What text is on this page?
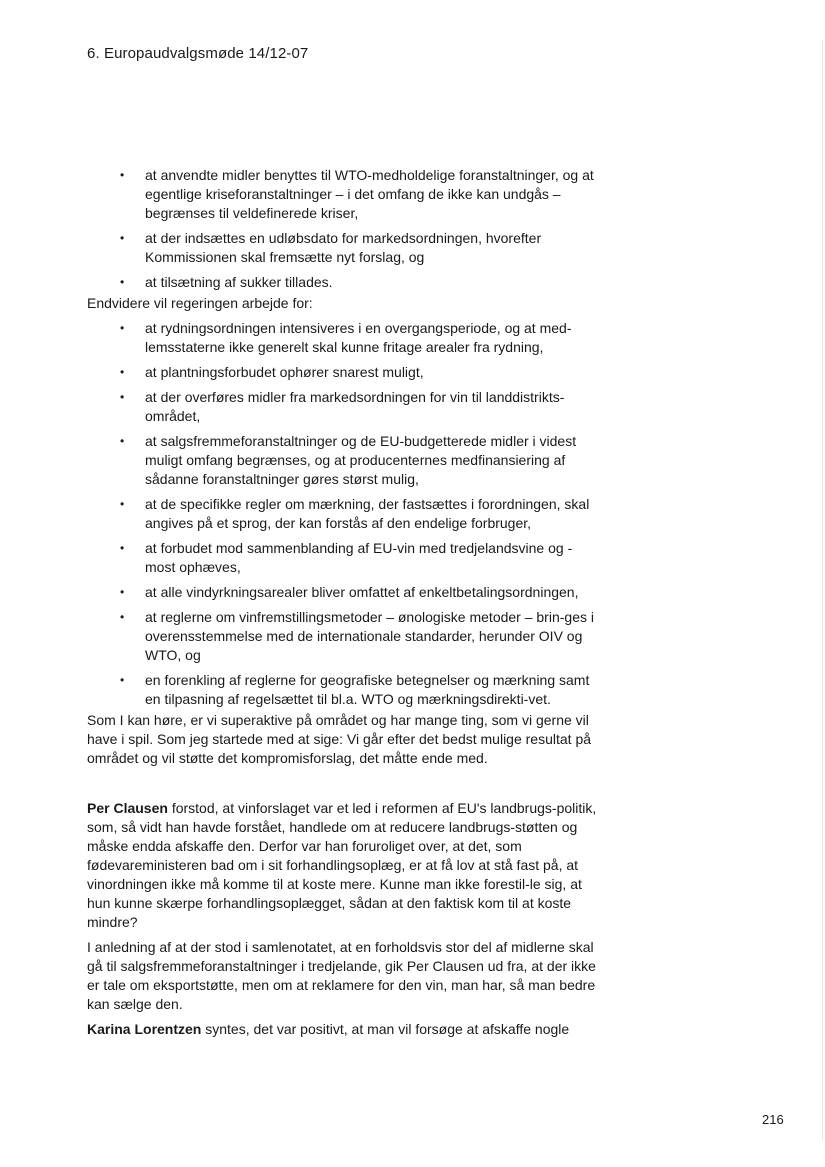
6. Europaudvalgsmøde 14/12-07
• at anvendte midler benyttes til WTO-medholdelige foranstaltninger, og at egentlige kriseforanstaltninger – i det omfang de ikke kan undgås – begrænses til veldefinerede kriser,
• at der indsættes en udløbsdato for markedsordningen, hvorefter Kommissionen skal fremsætte nyt forslag, og
• at tilsætning af sukker tillades.

Endvidere vil regeringen arbejde for:

• at rydningsordningen intensiveres i en overgangsperiode, og at med-lemsstaterne ikke generelt skal kunne fritage arealer fra rydning,
• at plantningsforbudet ophører snarest muligt,
• at der overføres midler fra markedsordningen for vin til landdistrikts-området,
• at salgsfremmeforanstaltninger og de EU-budgetterede midler i videst muligt omfang begrænses, og at producenternes medfinansiering af sådanne foranstaltninger gøres størst mulig,
• at de specifikke regler om mærkning, der fastsættes i forordningen, skal angives på et sprog, der kan forstås af den endelige forbruger,
• at forbudet mod sammenblanding af EU-vin med tredjelandsvine og -most ophæves,
• at alle vindyrkningsarealer bliver omfattet af enkeltbetalingsordningen,
• at reglerne om vinfremstillingsmetoder – ønologiske metoder – brin-ges i overensstemmelse med de internationale standarder, herunder OIV og WTO, og
• en forenkling af reglerne for geografiske betegnelser og mærkning samt en tilpasning af regelsættet til bl.a. WTO og mærkningsdirekti-vet.

Som I kan høre, er vi superaktive på området og har mange ting, som vi gerne vil have i spil. Som jeg startede med at sige: Vi går efter det bedst mulige resultat på området og vil støtte det kompromisforslag, det måtte ende med.

Per Clausen forstod, at vinforslaget var et led i reformen af EU's landbrugs-politik, som, så vidt han havde forstået, handlede om at reducere landbrugs-støtten og måske endda afskaffe den. Derfor var han foruroliget over, at det, som fødevareministeren bad om i sit forhandlingsoplæg, er at få lov at stå fast på, at vinordningen ikke må komme til at koste mere. Kunne man ikke forestil-le sig, at hun kunne skærpe forhandlingsoplægget, sådan at den faktisk kom til at koste mindre?

I anledning af at der stod i samlenotatet, at en forholdsvis stor del af midlerne skal gå til salgsfremmeforanstaltninger i tredjelande, gik Per Clausen ud fra, at der ikke er tale om eksportstøtte, men om at reklamere for den vin, man har, så man bedre kan sælge den.

Karina Lorentzen syntes, det var positivt, at man vil forsøge at afskaffe nogle

216
